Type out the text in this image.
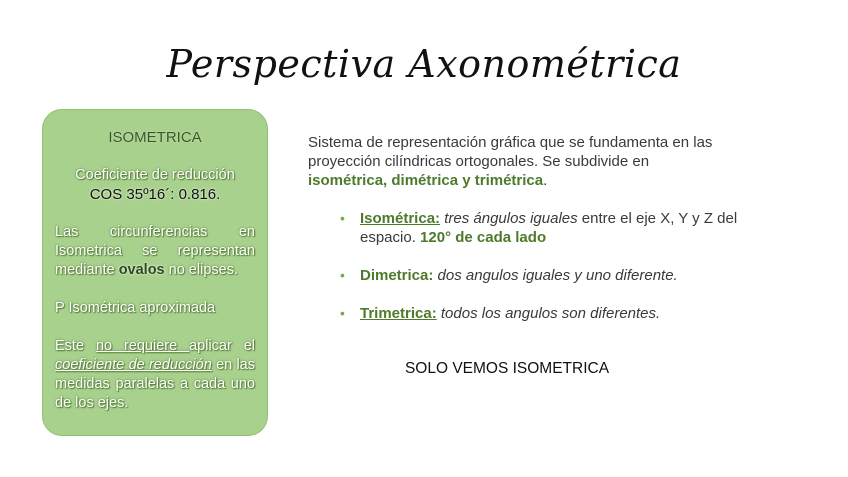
Perspectiva Axonométrica

ISOMETRICA

Coeficiente de reducción

COS 35º16´: 0.816.

Las circunferencias en Isometrica se representan mediante ovalos no elipses.

P Isométrica aproximada

Este no requiere aplicar el coeficiente de reducción en las medidas paralelas a cada uno de los ejes.

Sistema de representación gráfica que se fundamenta en las proyección cilíndricas ortogonales. Se subdivide en isométrica, dimétrica y trimétrica.
• Isométrica: tres ángulos iguales entre el eje X, Y y Z del espacio. 120° de cada lado
• Dimetrica: dos angulos iguales y uno diferente.
• Trimetrica: todos los angulos son diferentes.
SOLO VEMOS ISOMETRICA
